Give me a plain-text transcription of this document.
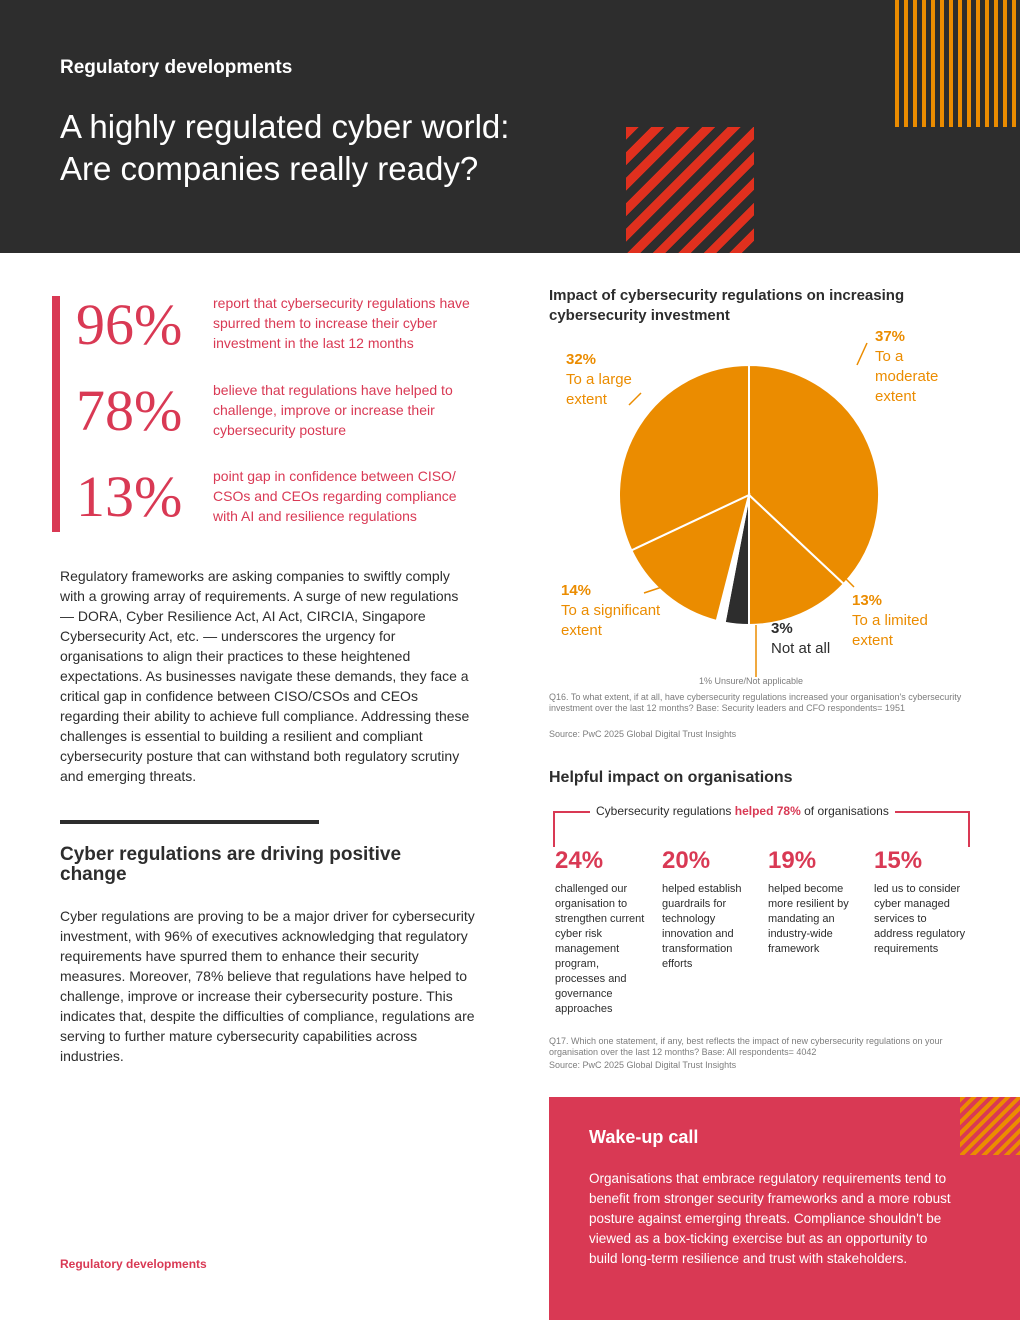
Regulatory developments
A highly regulated cyber world:
Are companies really ready?
96% report that cybersecurity regulations have spurred them to increase their cyber investment in the last 12 months
78% believe that regulations have helped to challenge, improve or increase their cybersecurity posture
13% point gap in confidence between CISO/ CSOs and CEOs regarding compliance with AI and resilience regulations
Regulatory frameworks are asking companies to swiftly comply with a growing array of requirements. A surge of new regulations — DORA, Cyber Resilience Act, AI Act, CIRCIA, Singapore Cybersecurity Act, etc. — underscores the urgency for organisations to align their practices to these heightened expectations. As businesses navigate these demands, they face a critical gap in confidence between CISO/CSOs and CEOs regarding their ability to achieve full compliance. Addressing these challenges is essential to building a resilient and compliant cybersecurity posture that can withstand both regulatory scrutiny and emerging threats.
Cyber regulations are driving positive change
Cyber regulations are proving to be a major driver for cybersecurity investment, with 96% of executives acknowledging that regulatory requirements have spurred them to enhance their security measures. Moreover, 78% believe that regulations have helped to challenge, improve or increase their cybersecurity posture. This indicates that, despite the difficulties of compliance, regulations are serving to further mature cybersecurity capabilities across industries.
Regulatory developments
Impact of cybersecurity regulations on increasing cybersecurity investment
32%
To a large extent
37%
To a moderate extent
14%
To a significant extent
13%
To a limited extent
3%
Not at all
1% Unsure/Not applicable
Q16. To what extent, if at all, have cybersecurity regulations increased your organisation's cybersecurity investment over the last 12 months? Base: Security leaders and CFO respondents= 1951
Source: PwC 2025 Global Digital Trust Insights
Helpful impact on organisations
Cybersecurity regulations helped 78% of organisations
24%
challenged our organisation to strengthen current cyber risk management program, processes and governance approaches
20%
helped establish guardrails for technology innovation and transformation efforts
19%
helped become more resilient by mandating an industry-wide framework
15%
led us to consider cyber managed services to address regulatory requirements
Q17. Which one statement, if any, best reflects the impact of new cybersecurity regulations on your organisation over the last 12 months? Base: All respondents= 4042
Source: PwC 2025 Global Digital Trust Insights
Wake-up call
Organisations that embrace regulatory requirements tend to benefit from stronger security frameworks and a more robust posture against emerging threats. Compliance shouldn't be viewed as a box-ticking exercise but as an opportunity to build long-term resilience and trust with stakeholders.
